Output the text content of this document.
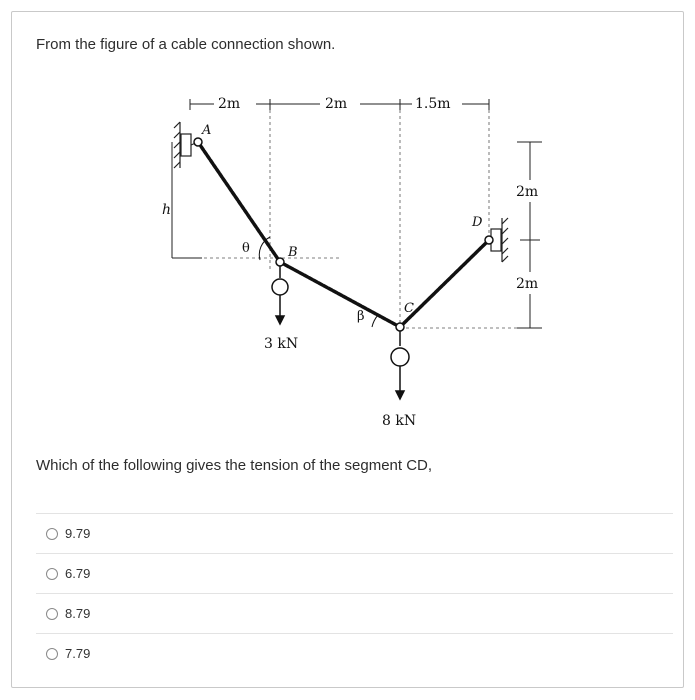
From the figure of a cable connection shown.
2m	2m	1.5m
h
2m
2m
A
B
C
D
θ
β
3 kN
8 kN
Which of the following gives the tension of the segment CD,
9.79
6.79
8.79
7.79
